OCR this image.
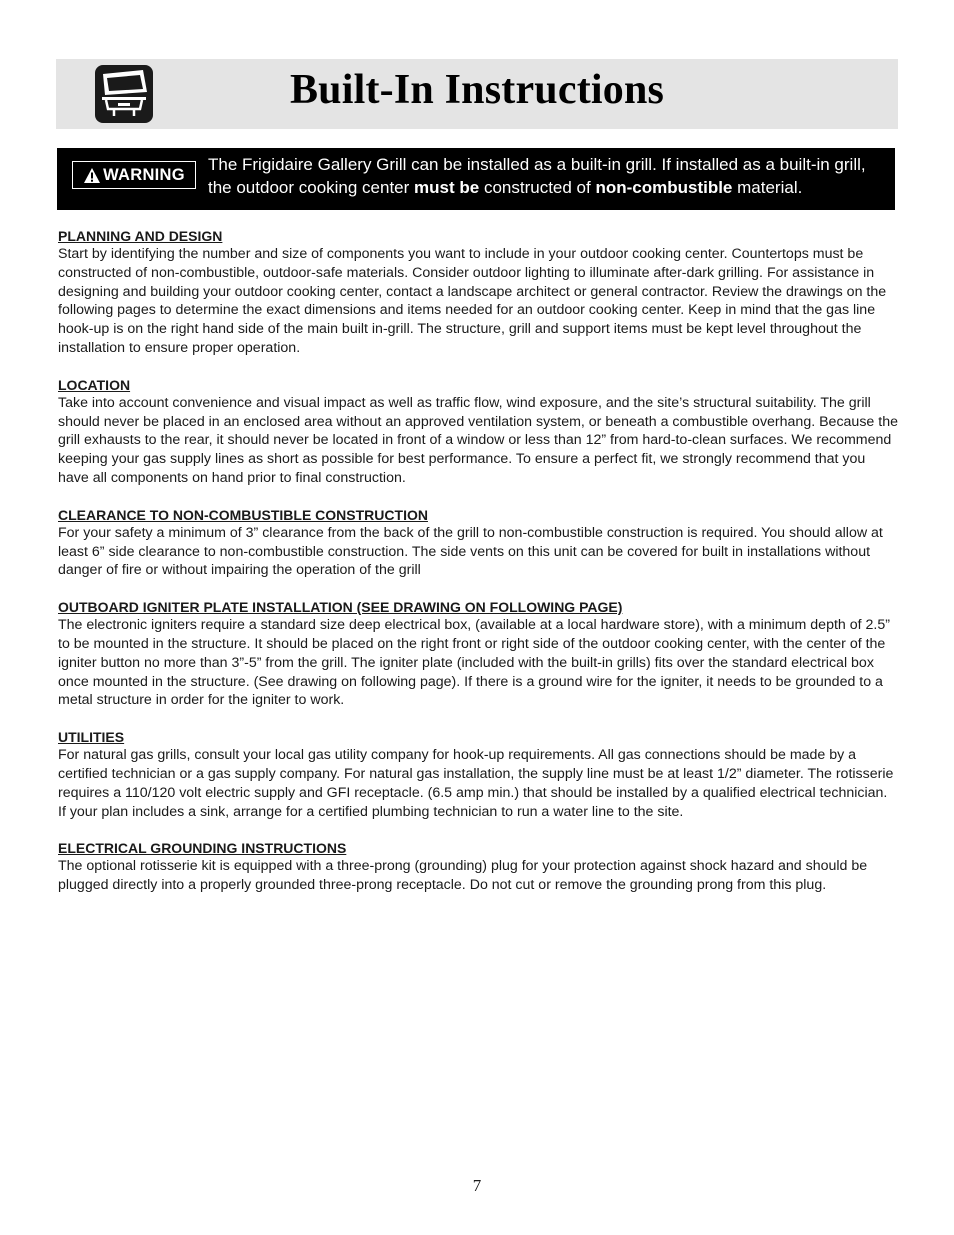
Built-In Instructions
WARNING
The Frigidaire Gallery Grill can be installed as a built-in grill. If installed as a built-in grill, the outdoor cooking center must be constructed of non-combustible material.
PLANNING AND DESIGN

Start by identifying the number and size of components you want to include in your outdoor cooking center. Countertops must be constructed of non-combustible, outdoor-safe materials. Consider outdoor lighting to illuminate after-dark grilling. For assistance in designing and building your outdoor cooking center, contact a landscape architect or general contractor. Review the drawings on the following pages to determine the exact dimensions and items needed for an outdoor cooking center. Keep in mind that the gas line hook-up is on the right hand side of the main built in-grill. The structure, grill and support items must be kept level throughout the installation to ensure proper operation.

LOCATION

Take into account convenience and visual impact as well as traffic flow, wind exposure, and the site’s structural suitability. The grill should never be placed in an enclosed area without an approved ventilation system, or beneath a combustible overhang. Because the grill exhausts to the rear, it should never be located in front of a window or less than 12” from hard-to-clean surfaces. We recommend keeping your gas supply lines as short as possible for best performance. To ensure a perfect fit, we strongly recommend that you have all components on hand prior to final construction.

CLEARANCE TO NON-COMBUSTIBLE CONSTRUCTION

For your safety a minimum of 3” clearance from the back of the grill to non-combustible construction is required. You should allow at least 6” side clearance to non-combustible construction. The side vents on this unit can be covered for built in installations without danger of fire or without impairing the operation of the grill

OUTBOARD IGNITER PLATE INSTALLATION (SEE DRAWING ON FOLLOWING PAGE)

The electronic igniters require a standard size deep electrical box, (available at a local hardware store), with a minimum depth of 2.5” to be mounted in the structure. It should be placed on the right front or right side of the outdoor cooking center, with the center of the igniter button no more than 3”-5” from the grill. The igniter plate (included with the built-in grills) fits over the standard electrical box once mounted in the structure. (See drawing on following page). If there is a ground wire for the igniter, it needs to be grounded to a metal structure in order for the igniter to work.

UTILITIES

For natural gas grills, consult your local gas utility company for hook-up requirements. All gas connections should be made by a certified technician or a gas supply company. For natural gas installation, the supply line must be at least 1/2” diameter. The rotisserie requires a 110/120 volt electric supply and GFI receptacle. (6.5 amp min.) that should be installed by a qualified electrical technician. If your plan includes a sink, arrange for a certified plumbing technician to run a water line to the site.

ELECTRICAL GROUNDING INSTRUCTIONS

The optional rotisserie kit is equipped with a three-prong (grounding) plug for your protection against shock hazard and should be plugged directly into a properly grounded three-prong receptacle. Do not cut or remove the grounding prong from this plug.

7
